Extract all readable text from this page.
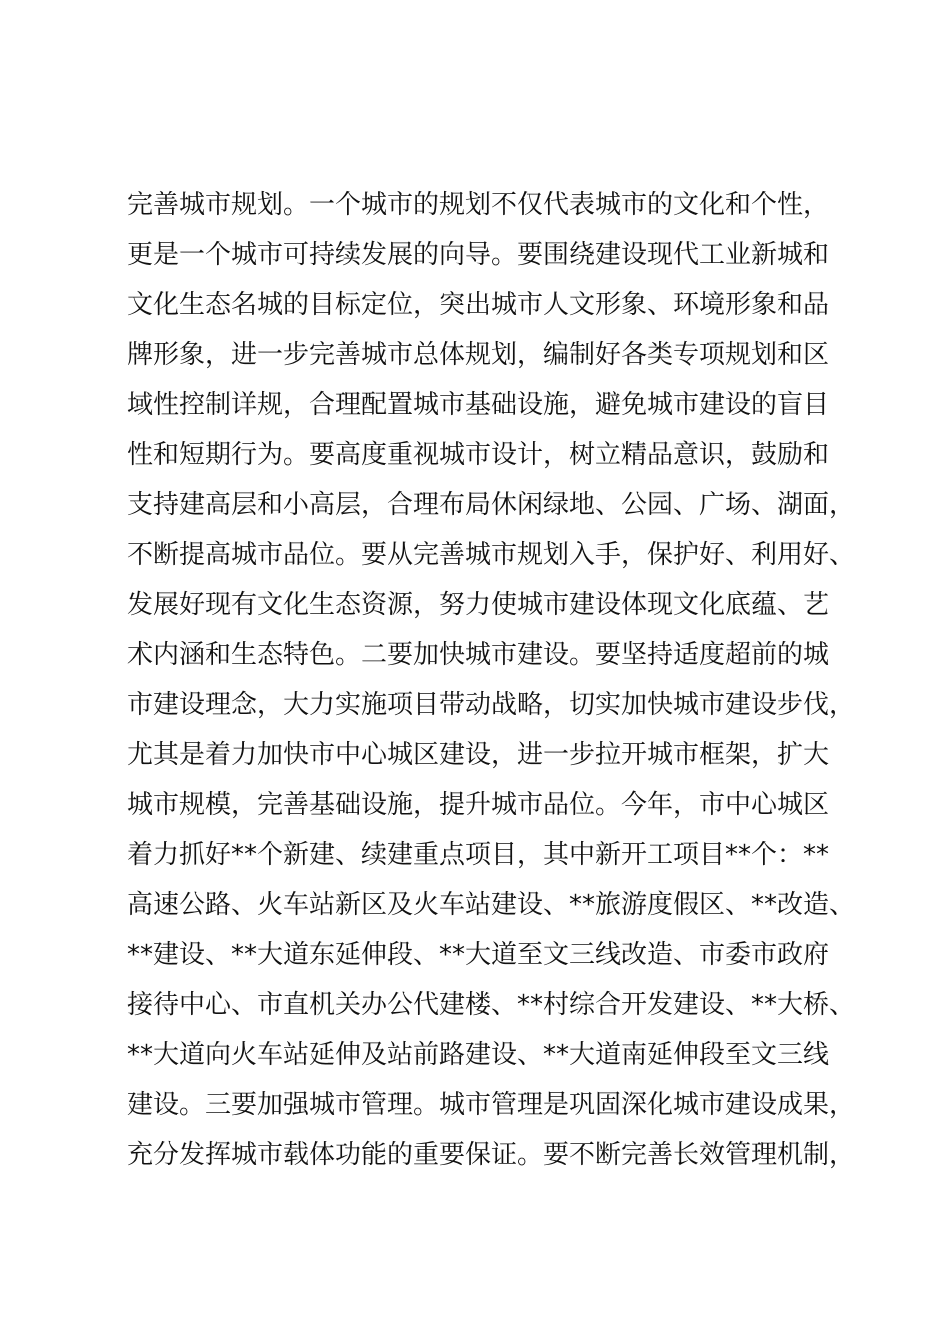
完善城市规划。一个城市的规划不仅代表城市的文化和个性，
更是一个城市可持续发展的向导。要围绕建设现代工业新城和
文化生态名城的目标定位，突出城市人文形象、环境形象和品
牌形象，进一步完善城市总体规划，编制好各类专项规划和区
域性控制详规，合理配置城市基础设施，避免城市建设的盲目
性和短期行为。要高度重视城市设计，树立精品意识，鼓励和
支持建高层和小高层，合理布局休闲绿地、公园、广场、湖面，
不断提高城市品位。要从完善城市规划入手，保护好、利用好、
发展好现有文化生态资源，努力使城市建设体现文化底蕴、艺
术内涵和生态特色。二要加快城市建设。要坚持适度超前的城
市建设理念，大力实施项目带动战略，切实加快城市建设步伐，
尤其是着力加快市中心城区建设，进一步拉开城市框架，扩大
城市规模，完善基础设施，提升城市品位。今年，市中心城区
着力抓好**个新建、续建重点项目，其中新开工项目**个：**
高速公路、火车站新区及火车站建设、**旅游度假区、**改造、
**建设、**大道东延伸段、**大道至文三线改造、市委市政府
接待中心、市直机关办公代建楼、**村综合开发建设、**大桥、
**大道向火车站延伸及站前路建设、**大道南延伸段至文三线
建设。三要加强城市管理。城市管理是巩固深化城市建设成果，
充分发挥城市载体功能的重要保证。要不断完善长效管理机制，
